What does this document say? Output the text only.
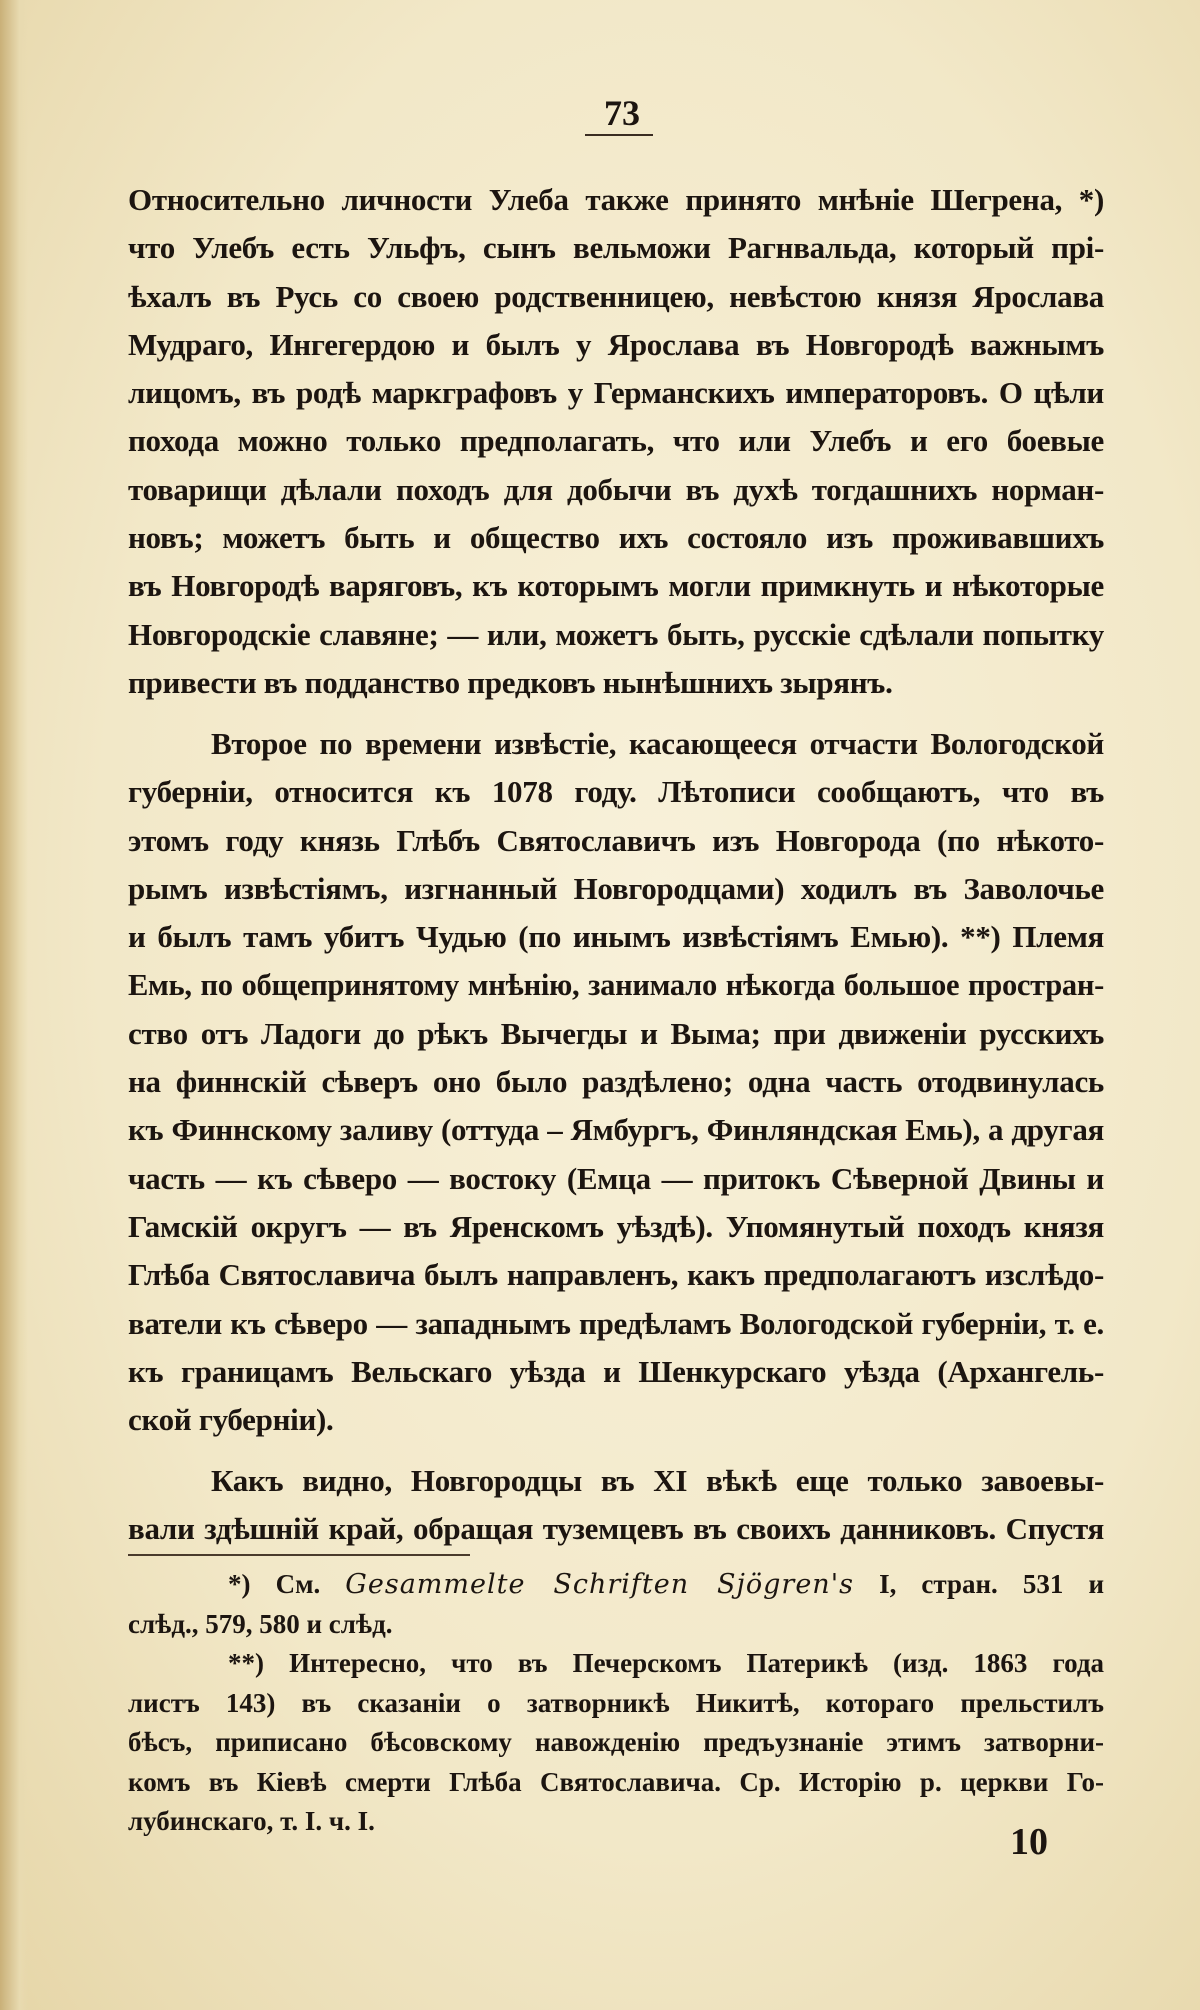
73
Относительно личности Улеба также принято мнѣніе Шегрена, *)
что Улебъ есть Ульфъ, сынъ вельможи Рагнвальда, который прі-
ѣхалъ въ Русь со своею родственницею, невѣстою князя Ярослава
Мудраго, Ингегердою и былъ у Ярослава въ Новгородѣ важнымъ
лицомъ, въ родѣ маркграфовъ у Германскихъ императоровъ. О цѣли
похода можно только предполагать, что или Улебъ и его боевые
товарищи дѣлали походъ для добычи въ духѣ тогдашнихъ норман-
новъ; можетъ быть и общество ихъ состояло изъ проживавшихъ
въ Новгородѣ варяговъ, къ которымъ могли примкнуть и нѣкоторые
Новгородскіе славяне; — или, можетъ быть, русскіе сдѣлали попытку
привести въ подданство предковъ нынѣшнихъ зырянъ.
Второе по времени извѣстіе, касающееся отчасти Вологодской
губерніи, относится къ 1078 году. Лѣтописи сообщаютъ, что въ
этомъ году князь Глѣбъ Святославичъ изъ Новгорода (по нѣкото-
рымъ извѣстіямъ, изгнанный Новгородцами) ходилъ въ Заволочье
и былъ тамъ убитъ Чудью (по инымъ извѣстіямъ Емью). **) Племя
Емь, по общепринятому мнѣнію, занимало нѣкогда большое простран-
ство отъ Ладоги до рѣкъ Вычегды и Выма; при движеніи русскихъ
на финнскій сѣверъ оно было раздѣлено; одна часть отодвинулась
къ Финнскому заливу (оттуда – Ямбургъ, Финляндская Емь), а другая
часть — къ сѣверо — востоку (Емца — притокъ Сѣверной Двины и
Гамскій округъ — въ Яренскомъ уѣздѣ). Упомянутый походъ князя
Глѣба Святославича былъ направленъ, какъ предполагаютъ изслѣдо-
ватели къ сѣверо — западнымъ предѣламъ Вологодской губерніи, т. е.
къ границамъ Вельскаго уѣзда и Шенкурскаго уѣзда (Архангель-
ской губерніи).
Какъ видно, Новгородцы въ XI вѣкѣ еще только завоевы-
вали здѣшній край, обращая туземцевъ въ своихъ данниковъ. Спустя
*) См. Gesammelte Schriften Sjögren's I, стран. 531 и
слѣд., 579, 580 и слѣд.
**) Интересно, что въ Печерскомъ Патерикѣ (изд. 1863 года
листъ 143) въ сказаніи о затворникѣ Никитѣ, котораго прельстилъ
бѣсъ, приписано бѣсовскому навожденію предъузнаніе этимъ затворни-
комъ въ Кіевѣ смерти Глѣба Святославича. Ср. Исторію р. церкви Го-
лубинскаго, т. I. ч. I.	10
